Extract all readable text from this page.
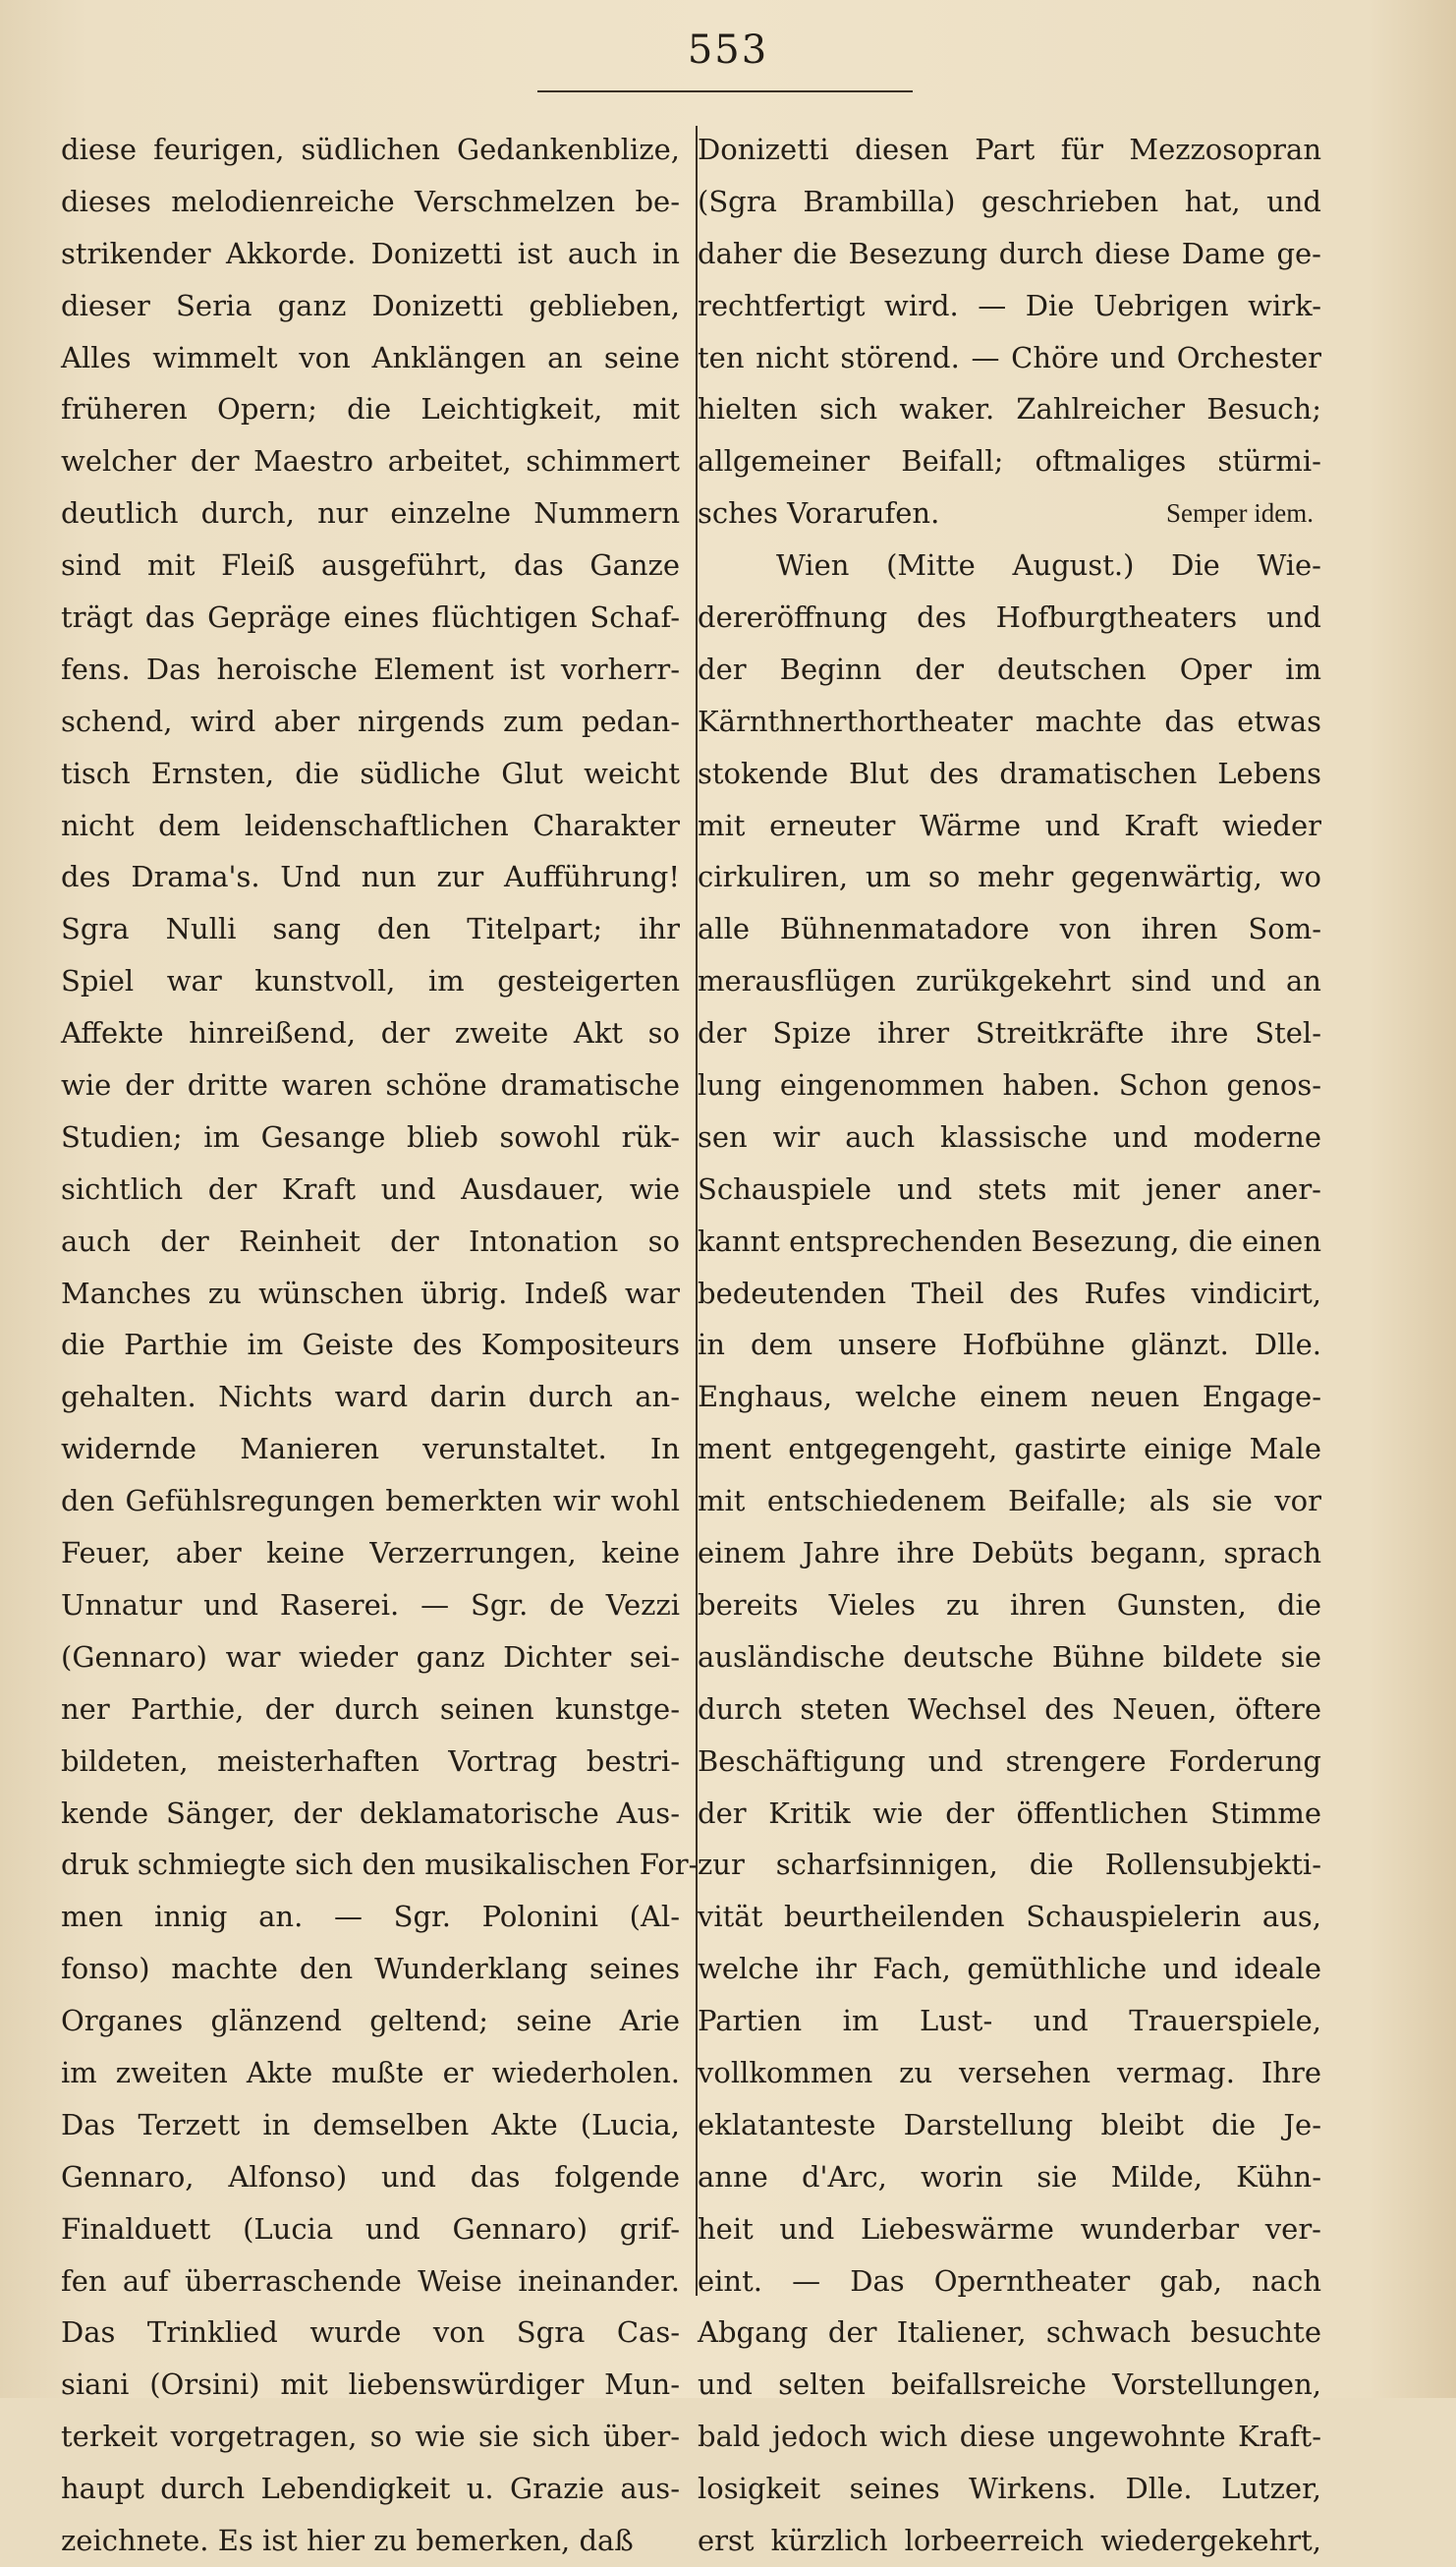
553
diese feurigen, südlichen Gedankenblize,
dieses melodienreiche Verschmelzen be-
strikender Akkorde. Donizetti ist auch in
dieser Seria ganz Donizetti geblieben,
Alles wimmelt von Anklängen an seine
früheren Opern; die Leichtigkeit, mit
welcher der Maestro arbeitet, schimmert
deutlich durch, nur einzelne Nummern
sind mit Fleiß ausgeführt, das Ganze
trägt das Gepräge eines flüchtigen Schaf-
fens. Das heroische Element ist vorherr-
schend, wird aber nirgends zum pedan-
tisch Ernsten, die südliche Glut weicht
nicht dem leidenschaftlichen Charakter
des Drama's. Und nun zur Aufführung!
Sgra Nulli sang den Titelpart; ihr
Spiel war kunstvoll, im gesteigerten
Affekte hinreißend, der zweite Akt so
wie der dritte waren schöne dramatische
Studien; im Gesange blieb sowohl rük-
sichtlich der Kraft und Ausdauer, wie
auch der Reinheit der Intonation so
Manches zu wünschen übrig. Indeß war
die Parthie im Geiste des Kompositeurs
gehalten. Nichts ward darin durch an-
widernde Manieren verunstaltet. In
den Gefühlsregungen bemerkten wir wohl
Feuer, aber keine Verzerrungen, keine
Unnatur und Raserei. — Sgr. de Vezzi
(Gennaro) war wieder ganz Dichter sei-
ner Parthie, der durch seinen kunstge-
bildeten, meisterhaften Vortrag bestri-
kende Sänger, der deklamatorische Aus-
druk schmiegte sich den musikalischen For-
men innig an. — Sgr. Polonini (Al-
fonso) machte den Wunderklang seines
Organes glänzend geltend; seine Arie
im zweiten Akte mußte er wiederholen.
Das Terzett in demselben Akte (Lucia,
Gennaro, Alfonso) und das folgende
Finalduett (Lucia und Gennaro) grif-
fen auf überraschende Weise ineinander.
Das Trinklied wurde von Sgra Cas-
siani (Orsini) mit liebenswürdiger Mun-
terkeit vorgetragen, so wie sie sich über-
haupt durch Lebendigkeit u. Grazie aus-
zeichnete. Es ist hier zu bemerken, daß
Donizetti diesen Part für Mezzosopran
(Sgra Brambilla) geschrieben hat, und
daher die Besezung durch diese Dame ge-
rechtfertigt wird. — Die Uebrigen wirk-
ten nicht störend. — Chöre und Orchester
hielten sich waker. Zahlreicher Besuch;
allgemeiner Beifall; oftmaliges stürmi-
sches Vorarufen.	Semper idem.
Wien (Mitte August.) Die Wie-
dereröffnung des Hofburgtheaters und
der Beginn der deutschen Oper im
Kärnthnerthortheater machte das etwas
stokende Blut des dramatischen Lebens
mit erneuter Wärme und Kraft wieder
cirkuliren, um so mehr gegenwärtig, wo
alle Bühnenmatadore von ihren Som-
merausflügen zurükgekehrt sind und an
der Spize ihrer Streitkräfte ihre Stel-
lung eingenommen haben. Schon genos-
sen wir auch klassische und moderne
Schauspiele und stets mit jener aner-
kannt entsprechenden Besezung, die einen
bedeutenden Theil des Rufes vindicirt,
in dem unsere Hofbühne glänzt. Dlle.
Enghaus, welche einem neuen Engage-
ment entgegengeht, gastirte einige Male
mit entschiedenem Beifalle; als sie vor
einem Jahre ihre Debüts begann, sprach
bereits Vieles zu ihren Gunsten, die
ausländische deutsche Bühne bildete sie
durch steten Wechsel des Neuen, öftere
Beschäftigung und strengere Forderung
der Kritik wie der öffentlichen Stimme
zur scharfsinnigen, die Rollensubjekti-
vität beurtheilenden Schauspielerin aus,
welche ihr Fach, gemüthliche und ideale
Partien im Lust- und Trauerspiele,
vollkommen zu versehen vermag. Ihre
eklatanteste Darstellung bleibt die Je-
anne d'Arc, worin sie Milde, Kühn-
heit und Liebeswärme wunderbar ver-
eint. — Das Operntheater gab, nach
Abgang der Italiener, schwach besuchte
und selten beifallsreiche Vorstellungen,
bald jedoch wich diese ungewohnte Kraft-
losigkeit seines Wirkens. Dlle. Lutzer,
erst kürzlich lorbeerreich wiedergekehrt,
